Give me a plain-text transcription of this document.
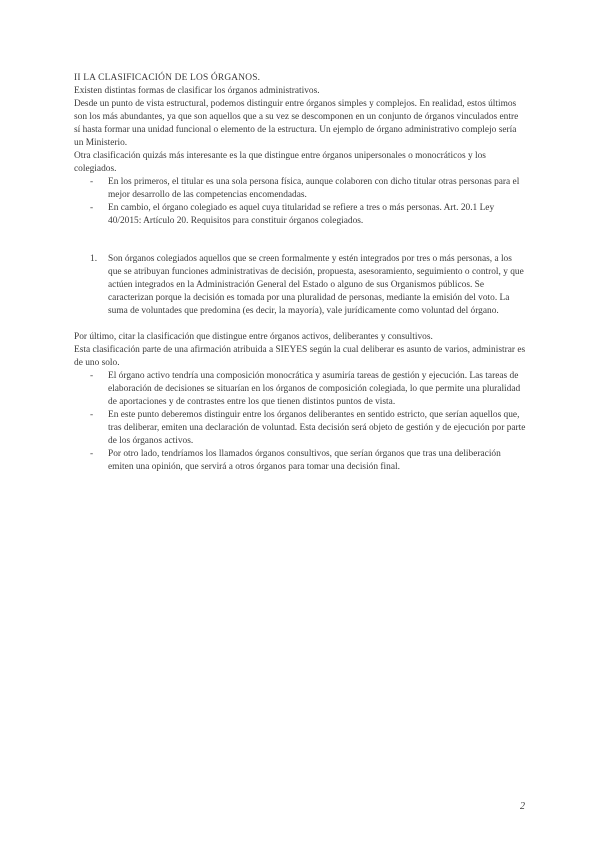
II LA CLASIFICACIÓN DE LOS ÓRGANOS.

Existen distintas formas de clasificar los órganos administrativos.

Desde un punto de vista estructural, podemos distinguir entre órganos simples y complejos. En realidad, estos últimos son los más abundantes, ya que son aquellos que a su vez se descomponen en un conjunto de órganos vinculados entre sí hasta formar una unidad funcional o elemento de la estructura. Un ejemplo de órgano administrativo complejo sería un Ministerio.

Otra clasificación quizás más interesante es la que distingue entre órganos unipersonales o monocráticos y los colegiados.

- En los primeros, el titular es una sola persona física, aunque colaboren con dicho titular otras personas para el mejor desarrollo de las competencias encomendadas.
- En cambio, el órgano colegiado es aquel cuya titularidad se refiere a tres o más personas. Art. 20.1 Ley 40/2015: Artículo 20. Requisitos para constituir órganos colegiados.
1. Son órganos colegiados aquellos que se creen formalmente y estén integrados por tres o más personas, a los que se atribuyan funciones administrativas de decisión, propuesta, asesoramiento, seguimiento o control, y que actúen integrados en la Administración General del Estado o alguno de sus Organismos públicos. Se caracterizan porque la decisión es tomada por una pluralidad de personas, mediante la emisión del voto. La suma de voluntades que predomina (es decir, la mayoría), vale jurídicamente como voluntad del órgano.

Por último, citar la clasificación que distingue entre órganos activos, deliberantes y consultivos.

Esta clasificación parte de una afirmación atribuida a SIEYES según la cual deliberar es asunto de varios, administrar es de uno solo.

- El órgano activo tendría una composición monocrática y asumiría tareas de gestión y ejecución. Las tareas de elaboración de decisiones se situarían en los órganos de composición colegiada, lo que permite una pluralidad de aportaciones y de contrastes entre los que tienen distintos puntos de vista.
- En este punto deberemos distinguir entre los órganos deliberantes en sentido estricto, que serían aquellos que, tras deliberar, emiten una declaración de voluntad. Esta decisión será objeto de gestión y de ejecución por parte de los órganos activos.
- Por otro lado, tendríamos los llamados órganos consultivos, que serían órganos que tras una deliberación emiten una opinión, que servirá a otros órganos para tomar una decisión final.
2
